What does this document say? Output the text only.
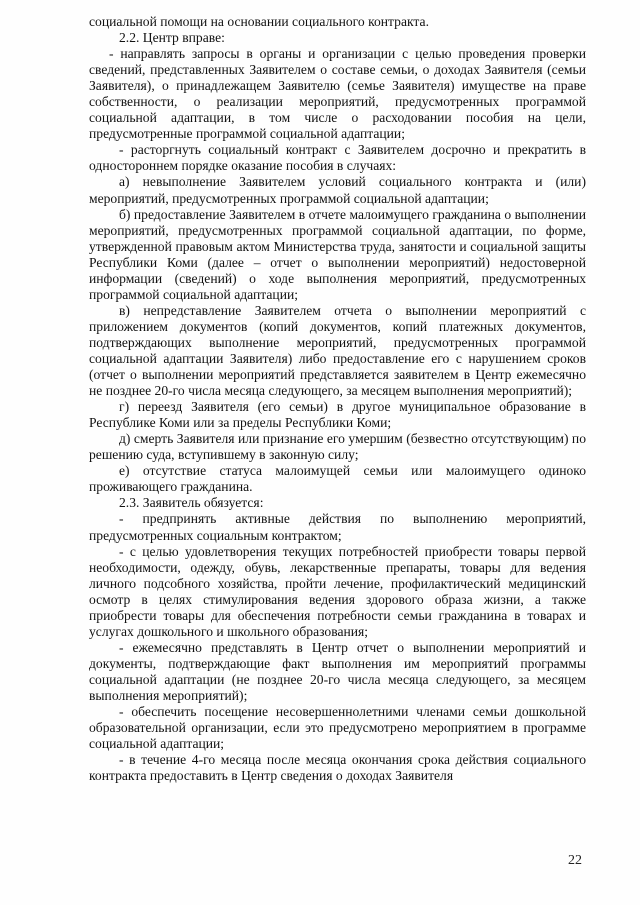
социальной помощи на основании социального контракта.

2.2. Центр вправе:

- направлять запросы в органы и организации с целью проведения проверки сведений, представленных Заявителем о составе семьи, о доходах Заявителя (семьи Заявителя), о принадлежащем Заявителю (семье Заявителя) имуществе на праве собственности, о реализации мероприятий, предусмотренных программой социальной адаптации, в том числе о расходовании пособия на цели, предусмотренные программой социальной адаптации;

- расторгнуть социальный контракт с Заявителем досрочно и прекратить в одностороннем порядке оказание пособия в случаях:

а) невыполнение Заявителем условий социального контракта и (или) мероприятий, предусмотренных программой социальной адаптации;

б) предоставление Заявителем в отчете малоимущего гражданина о выполнении мероприятий, предусмотренных программой социальной адаптации, по форме, утвержденной правовым актом Министерства труда, занятости и социальной защиты Республики Коми (далее – отчет о выполнении мероприятий) недостоверной информации (сведений) о ходе выполнения мероприятий, предусмотренных программой социальной адаптации;

в) непредставление Заявителем отчета о выполнении мероприятий с приложением документов (копий документов, копий платежных документов, подтверждающих выполнение мероприятий, предусмотренных программой социальной адаптации Заявителя) либо предоставление его с нарушением сроков (отчет о выполнении мероприятий представляется заявителем в Центр ежемесячно не позднее 20-го числа месяца следующего, за месяцем выполнения мероприятий);

г) переезд Заявителя (его семьи) в другое муниципальное образование в Республике Коми или за пределы Республики Коми;

д) смерть Заявителя или признание его умершим (безвестно отсутствующим) по решению суда, вступившему в законную силу;

е) отсутствие статуса малоимущей семьи или малоимущего одиноко проживающего гражданина.

2.3. Заявитель обязуется:

- предпринять активные действия по выполнению мероприятий, предусмотренных социальным контрактом;

- с целью удовлетворения текущих потребностей приобрести товары первой необходимости, одежду, обувь, лекарственные препараты, товары для ведения личного подсобного хозяйства, пройти лечение, профилактический медицинский осмотр в целях стимулирования ведения здорового образа жизни, а также приобрести товары для обеспечения потребности семьи гражданина в товарах и услугах дошкольного и школьного образования;

- ежемесячно представлять в Центр отчет о выполнении мероприятий и документы, подтверждающие факт выполнения им мероприятий программы социальной адаптации (не позднее 20-го числа месяца следующего, за месяцем выполнения мероприятий);

- обеспечить посещение несовершеннолетними членами семьи дошкольной образовательной организации, если это предусмотрено мероприятием в программе социальной адаптации;

- в течение 4-го месяца после месяца окончания срока действия социального контракта предоставить в Центр сведения о доходах Заявителя

22
